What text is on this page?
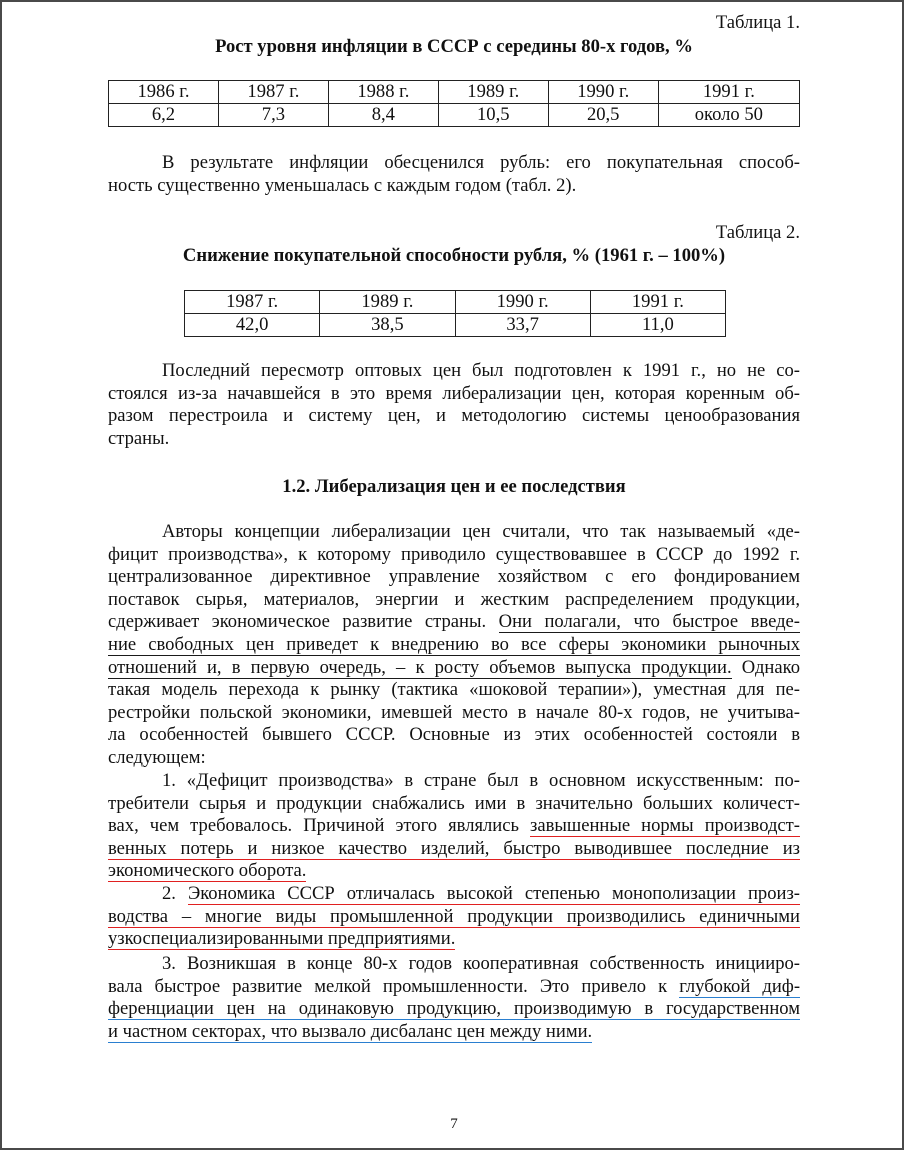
Таблица 1.
Рост уровня инфляции в СССР с середины 80-х годов, %
1986 г.	1987 г.	1988 г.	1989 г.	1990 г.	1991 г.
6,2	7,3	8,4	10,5	20,5	около 50
В результате инфляции обесценился рубль: его покупательная способ-
ность существенно уменьшалась с каждым годом (табл. 2).
Таблица 2.
Снижение покупательной способности рубля, % (1961 г. – 100%)
1987 г.	1989 г.	1990 г.	1991 г.
42,0	38,5	33,7	11,0
Последний пересмотр оптовых цен был подготовлен к 1991 г., но не со-
стоялся из-за начавшейся в это время либерализации цен, которая коренным об-
разом перестроила и систему цен, и методологию системы ценообразования
страны.
1.2. Либерализация цен и ее последствия
Авторы концепции либерализации цен считали, что так называемый «де-
фицит производства», к которому приводило существовавшее в СССР до 1992 г.
централизованное директивное управление хозяйством с его фондированием
поставок сырья, материалов, энергии и жестким распределением продукции,
сдерживает экономическое развитие страны. Они полагали, что быстрое введе-
ние свободных цен приведет к внедрению во все сферы экономики рыночных
отношений и, в первую очередь, – к росту объемов выпуска продукции. Однако
такая модель перехода к рынку (тактика «шоковой терапии»), уместная для пе-
рестройки польской экономики, имевшей место в начале 80-х годов, не учитыва-
ла особенностей бывшего СССР. Основные из этих особенностей состояли в
следующем:
1. «Дефицит производства» в стране был в основном искусственным: по-
требители сырья и продукции снабжались ими в значительно больших количест-
вах, чем требовалось. Причиной этого являлись завышенные нормы производст-
венных потерь и низкое качество изделий, быстро выводившее последние из
экономического оборота.
2. Экономика СССР отличалась высокой степенью монополизации произ-
водства – многие виды промышленной продукции производились единичными
узкоспециализированными предприятиями.
3. Возникшая в конце 80-х годов кооперативная собственность иницииро-
вала быстрое развитие мелкой промышленности. Это привело к глубокой диф-
ференциации цен на одинаковую продукцию, производимую в государственном
и частном секторах, что вызвало дисбаланс цен между ними.
7
